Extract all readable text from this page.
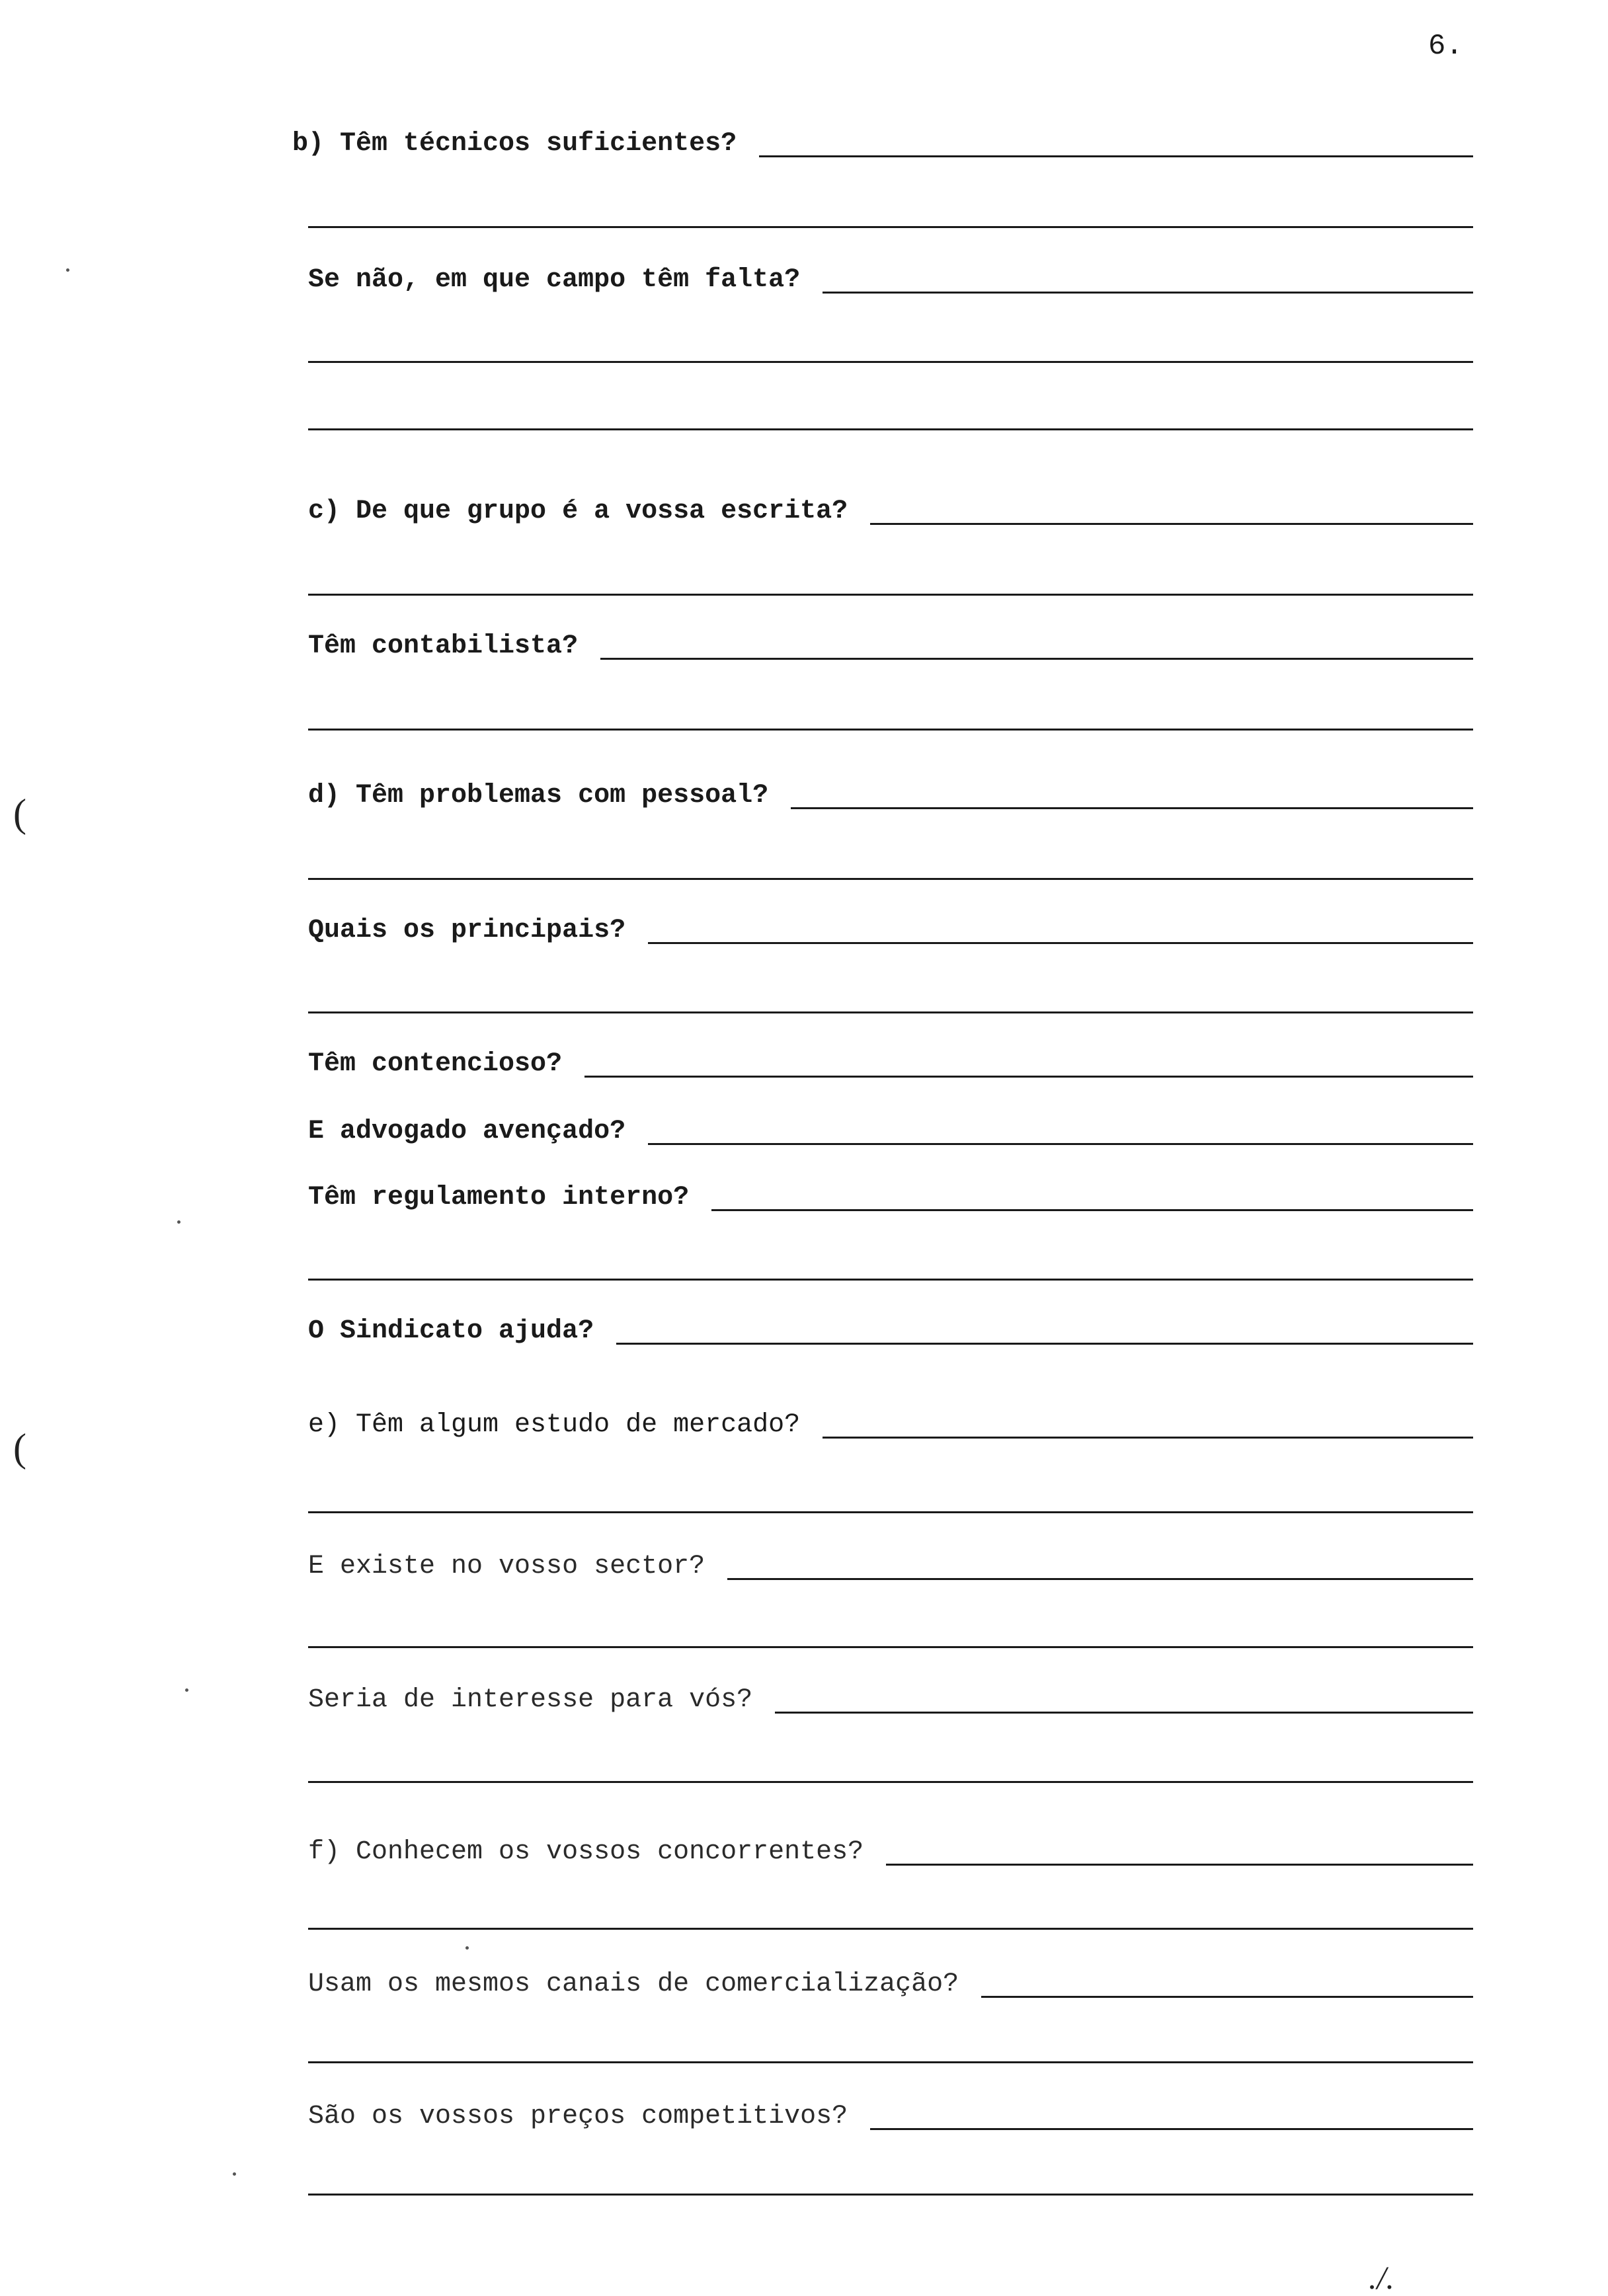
6.
b) Têm técnicos suficientes?
Se não, em que campo têm falta?
c) De que grupo é a vossa escrita?
Têm contabilista?
d) Têm problemas com pessoal?
Quais os principais?
Têm contencioso?
E advogado avençado?
Têm regulamento interno?
O Sindicato ajuda?
e) Têm algum estudo de mercado?
E existe no vosso sector?
Seria de interesse para vós?
f) Conhecem os vossos concorrentes?
Usam os mesmos canais de comercialização?
São os vossos preços competitivos?
(
(
./.
